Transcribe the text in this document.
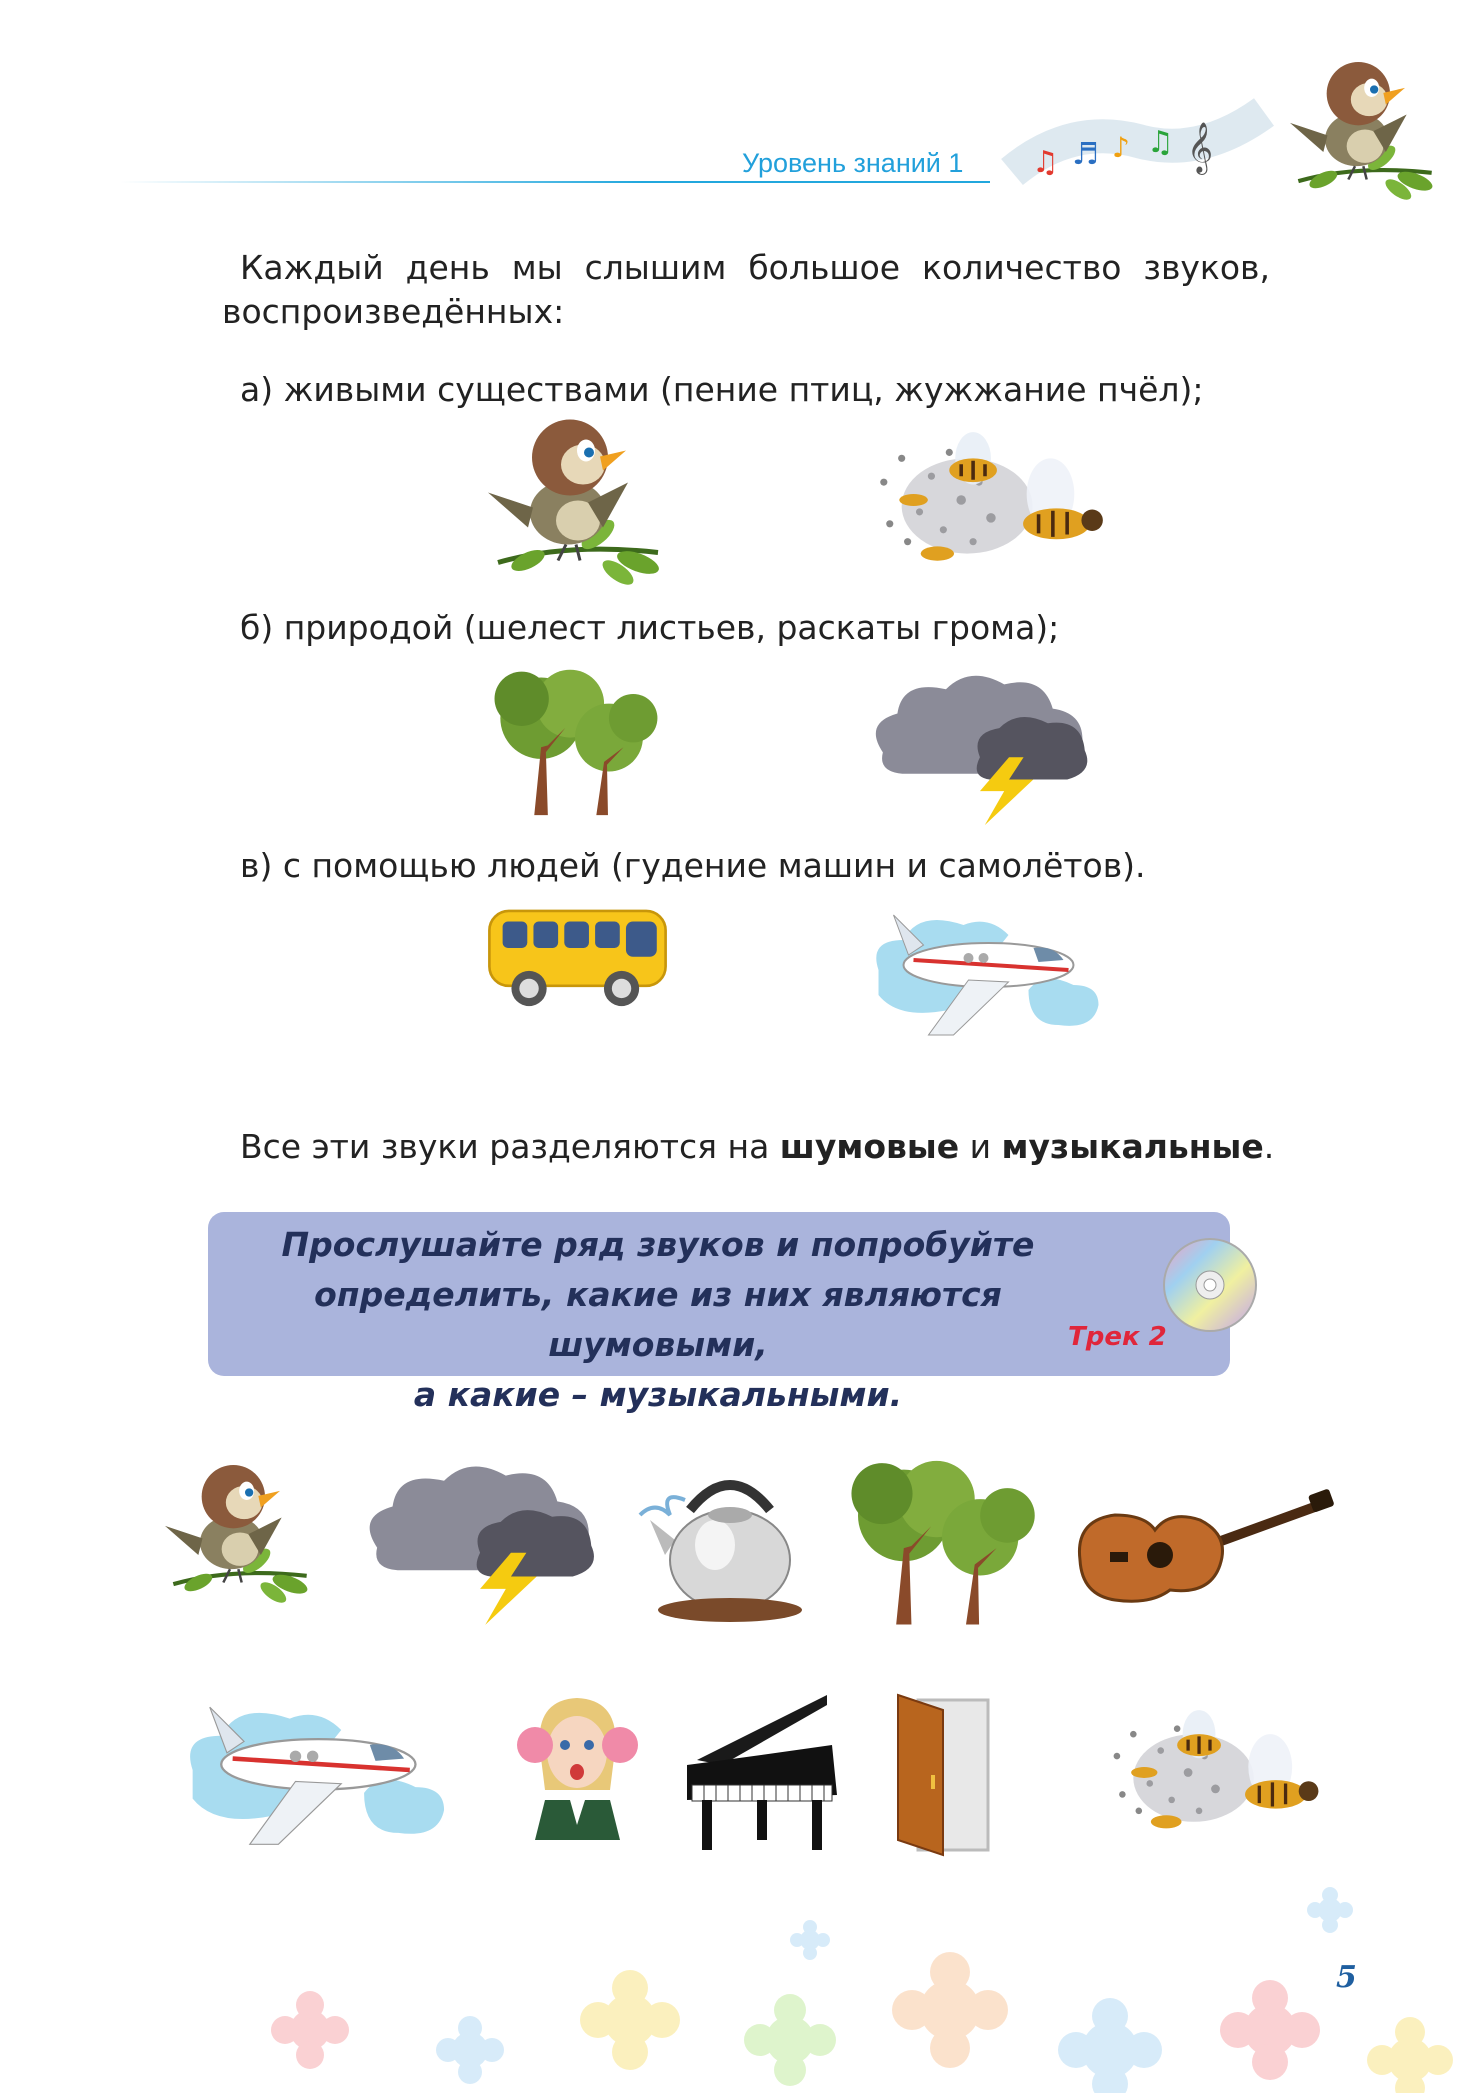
Уровень знаний 1 ♫ ♬ ♪ ♫ 𝄞
Каждый день мы слышим большое количество звуков,
воспроизведённых:
а) живыми существами (пение птиц, жужжание пчёл);
б) природой (шелест листьев, раскаты грома);
в) с помощью людей (гудение машин и самолётов).
Все эти звуки разделяются на шумовые и музыкальные.
Прослушайте ряд звуков и попробуйте
определить, какие из них являются шумовыми,
а какие – музыкальными.
Трек 2
5
